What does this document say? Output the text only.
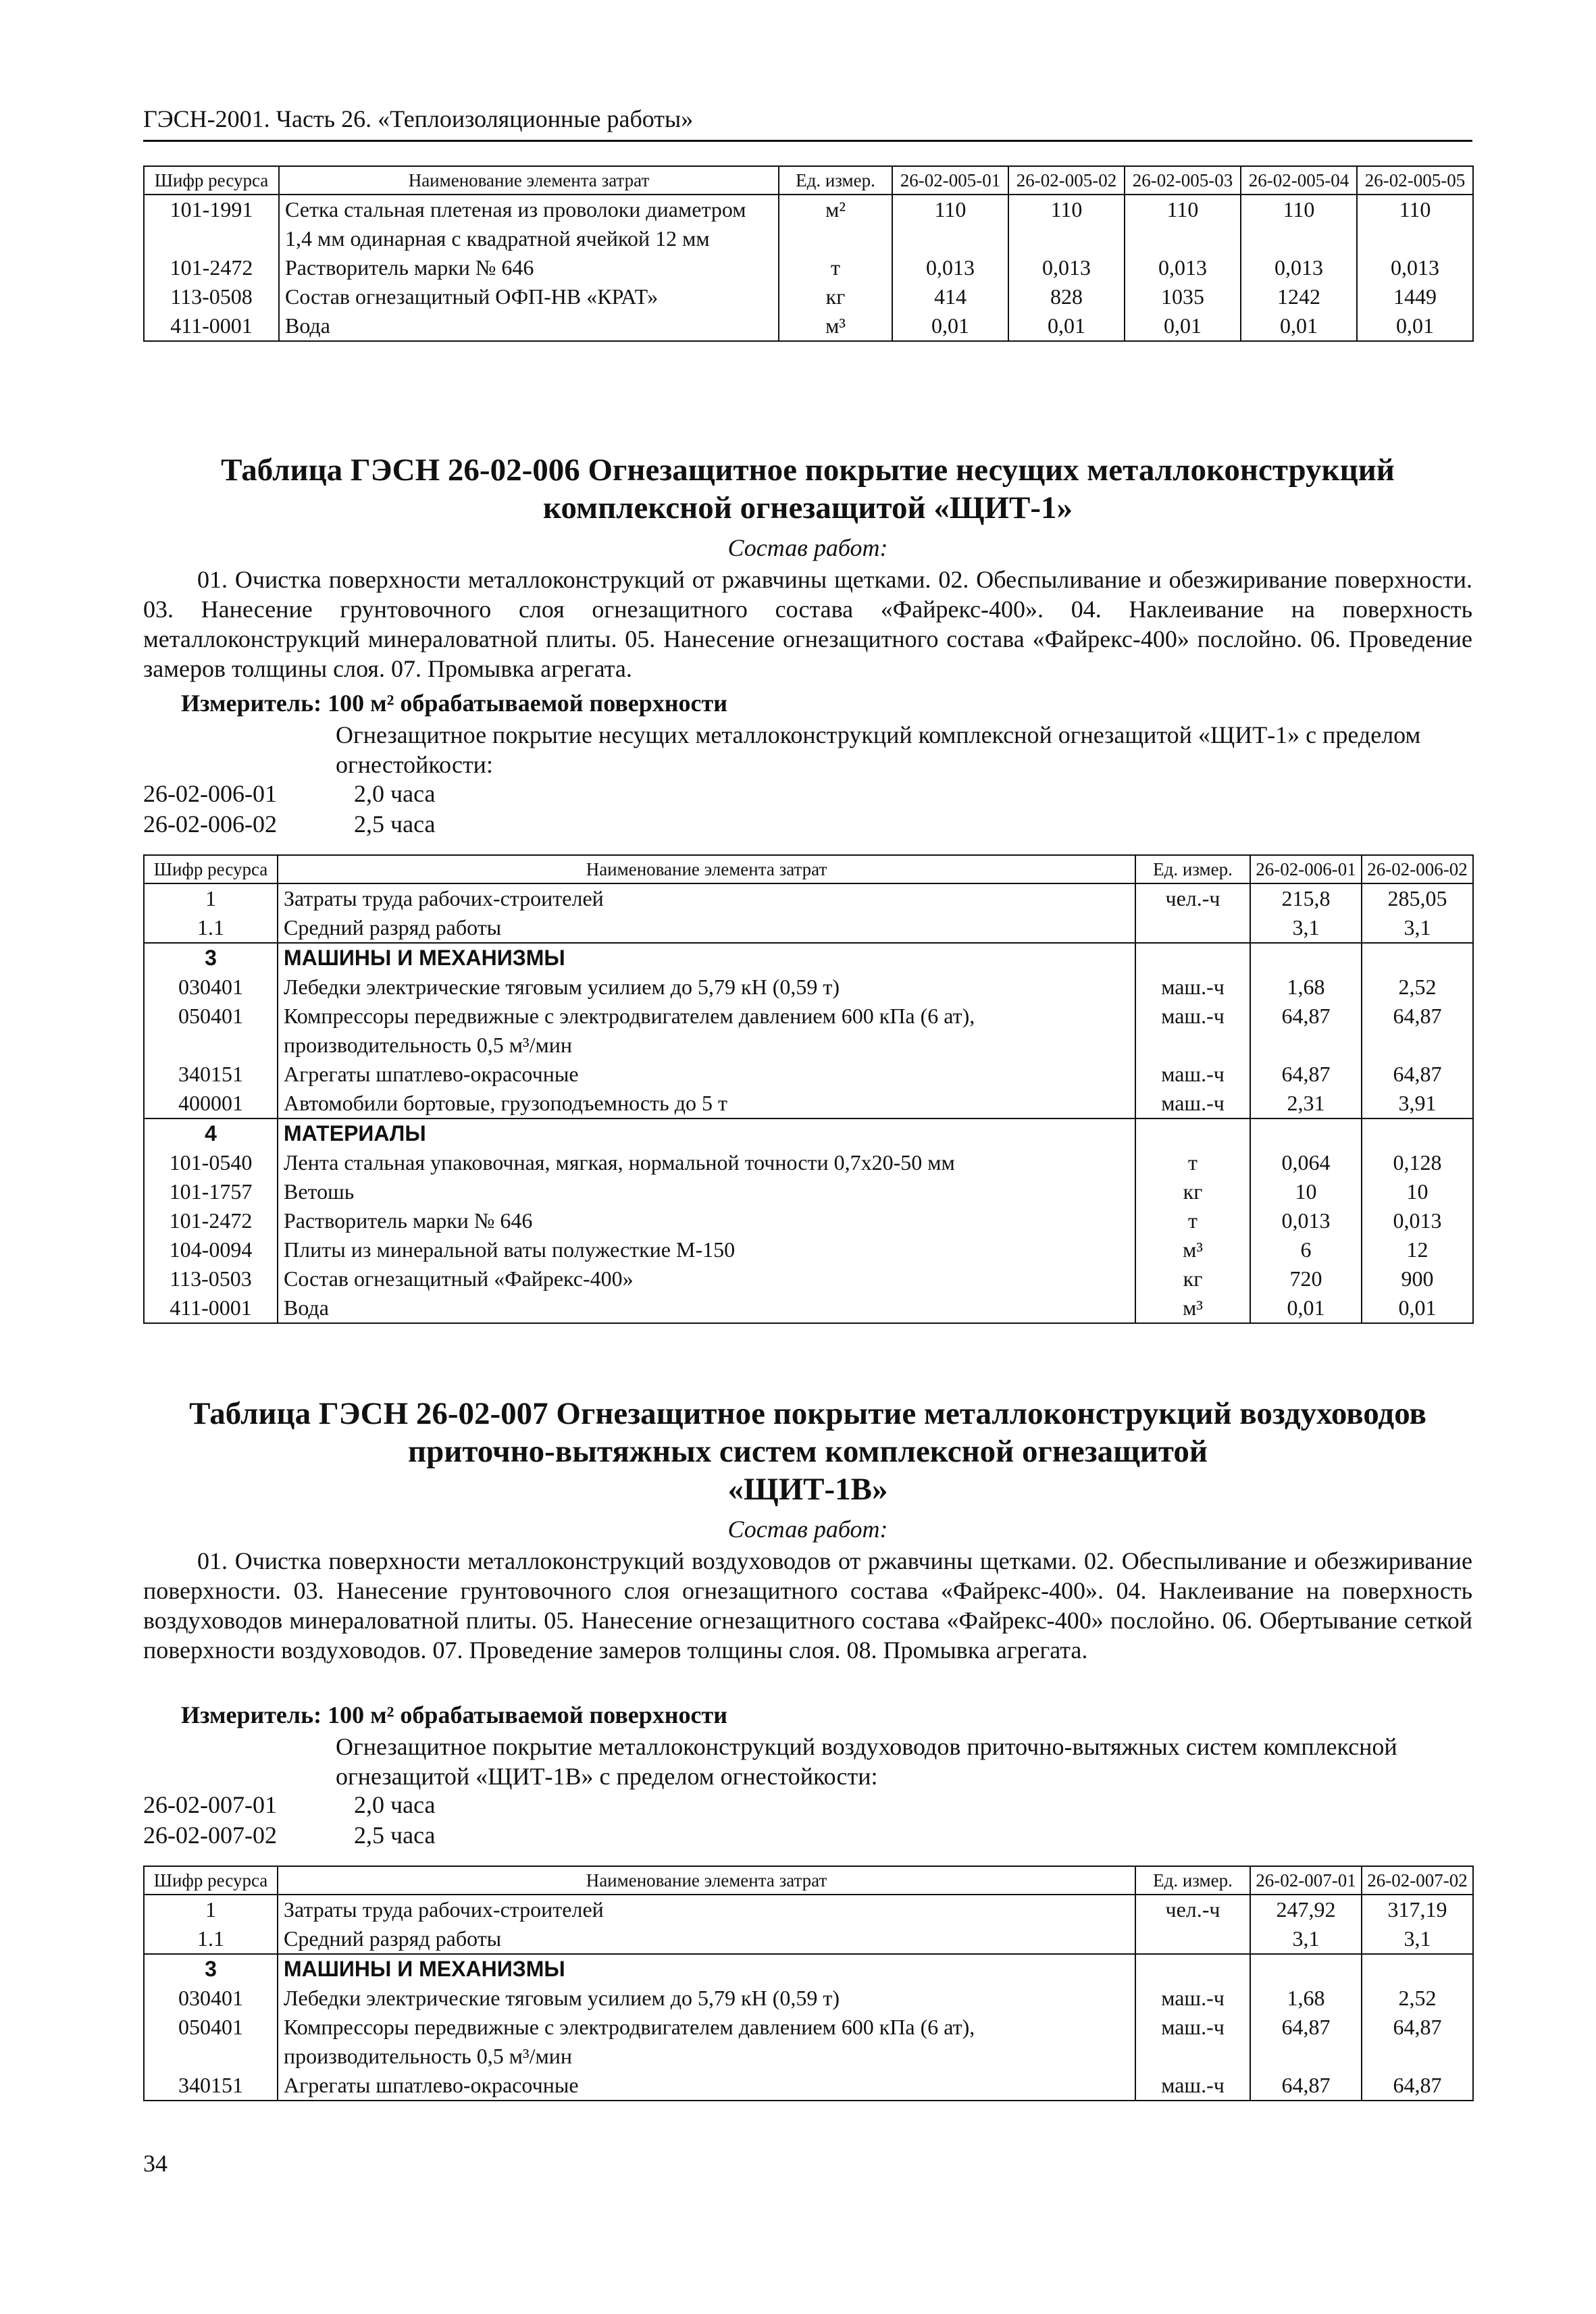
ГЭСН-2001. Часть 26. «Теплоизоляционные работы»
Шифр ресурса	Наименование элемента затрат	Ед. измер.	26-02-005-01	26-02-005-02	26-02-005-03	26-02-005-04	26-02-005-05
101-1991	Сетка стальная плетеная из проволоки диаметром 1,4 мм одинарная с квадратной ячейкой 12 мм	м²	110	110	110	110	110
101-2472	Растворитель марки № 646	т	0,013	0,013	0,013	0,013	0,013
113-0508	Состав огнезащитный ОФП-НВ «КРАТ»	кг	414	828	1035	1242	1449
411-0001	Вода	м³	0,01	0,01	0,01	0,01	0,01
Таблица ГЭСН 26-02-006 Огнезащитное покрытие несущих металлоконструкций
комплексной огнезащитой «ЩИТ-1»
Состав работ:
01. Очистка поверхности металлоконструкций от ржавчины щетками. 02. Обеспыливание и обезжиривание поверхности. 03. Нанесение грунтовочного слоя огнезащитного состава «Файрекс-400». 04. Наклеивание на поверхность металлоконструкций минераловатной плиты. 05. Нанесение огнезащитного состава «Файрекс-400» послойно. 06. Проведение замеров толщины слоя. 07. Промывка агрегата.
Измеритель: 100 м² обрабатываемой поверхности
Огнезащитное покрытие несущих металлоконструкций комплексной огнезащитой «ЩИТ-1» с пределом огнестойкости:
26-02-006-01	2,0 часа
26-02-006-02	2,5 часа
Шифр ресурса	Наименование элемента затрат	Ед. измер.	26-02-006-01	26-02-006-02
1	Затраты труда рабочих-строителей	чел.-ч	215,8	285,05
1.1	Средний разряд работы		3,1	3,1
3	МАШИНЫ И МЕХАНИЗМЫ			
030401	Лебедки электрические тяговым усилием до 5,79 кН (0,59 т)	маш.-ч	1,68	2,52
050401	Компрессоры передвижные с электродвигателем давлением 600 кПа (6 ат), производительность 0,5 м³/мин	маш.-ч	64,87	64,87
340151	Агрегаты шпатлево-окрасочные	маш.-ч	64,87	64,87
400001	Автомобили бортовые, грузоподъемность до 5 т	маш.-ч	2,31	3,91
4	МАТЕРИАЛЫ			
101-0540	Лента стальная упаковочная, мягкая, нормальной точности 0,7х20-50 мм	т	0,064	0,128
101-1757	Ветошь	кг	10	10
101-2472	Растворитель марки № 646	т	0,013	0,013
104-0094	Плиты из минеральной ваты полужесткие М-150	м³	6	12
113-0503	Состав огнезащитный «Файрекс-400»	кг	720	900
411-0001	Вода	м³	0,01	0,01
Таблица ГЭСН 26-02-007 Огнезащитное покрытие металлоконструкций воздуховодов
приточно-вытяжных систем комплексной огнезащитой
«ЩИТ-1В»
Состав работ:
01. Очистка поверхности металлоконструкций воздуховодов от ржавчины щетками. 02. Обеспыливание и обезжиривание поверхности. 03. Нанесение грунтовочного слоя огнезащитного состава «Файрекс-400». 04. Наклеивание на поверхность воздуховодов минераловатной плиты. 05. Нанесение огнезащитного состава «Файрекс-400» послойно. 06. Обертывание сеткой поверхности воздуховодов. 07. Проведение замеров толщины слоя. 08. Промывка агрегата.
Измеритель: 100 м² обрабатываемой поверхности
Огнезащитное покрытие металлоконструкций воздуховодов приточно-вытяжных систем комплексной огнезащитой «ЩИТ-1В» с пределом огнестойкости:
26-02-007-01	2,0 часа
26-02-007-02	2,5 часа
Шифр ресурса	Наименование элемента затрат	Ед. измер.	26-02-007-01	26-02-007-02
1	Затраты труда рабочих-строителей	чел.-ч	247,92	317,19
1.1	Средний разряд работы		3,1	3,1
3	МАШИНЫ И МЕХАНИЗМЫ			
030401	Лебедки электрические тяговым усилием до 5,79 кН (0,59 т)	маш.-ч	1,68	2,52
050401	Компрессоры передвижные с электродвигателем давлением 600 кПа (6 ат), производительность 0,5 м³/мин	маш.-ч	64,87	64,87
340151	Агрегаты шпатлево-окрасочные	маш.-ч	64,87	64,87
34
